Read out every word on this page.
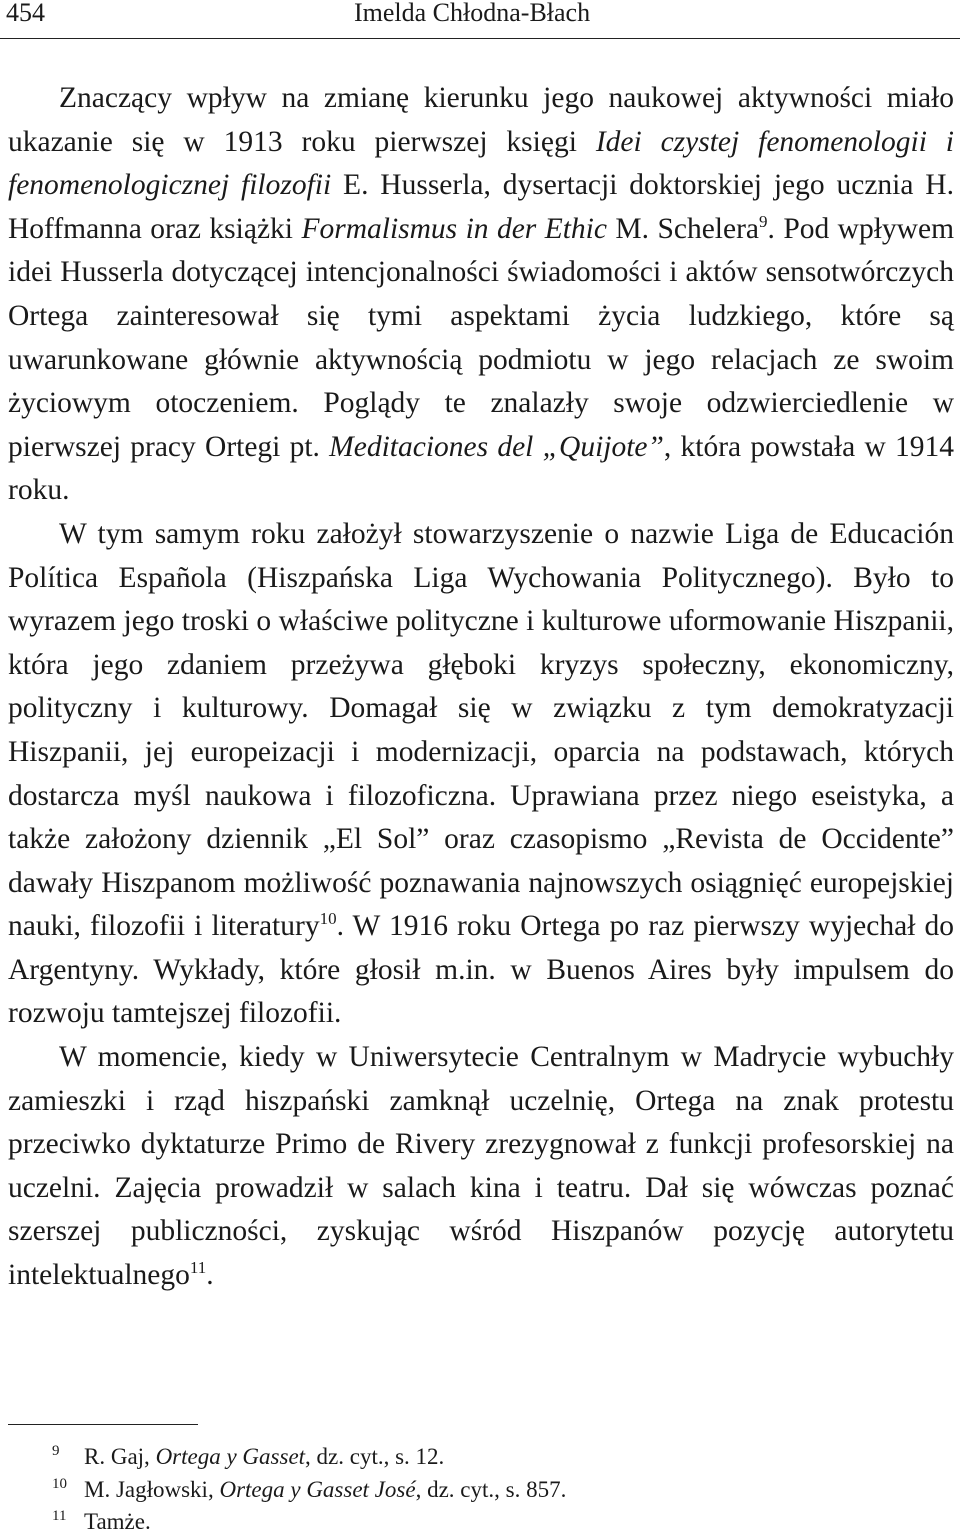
454	Imelda Chłodna-Błach

Znaczący wpływ na zmianę kierunku jego naukowej aktywności miało ukazanie się w 1913 roku pierwszej księgi Idei czystej fenomenologii i fenomenologicznej filozofii E. Husserla, dysertacji doktorskiej jego ucznia H. Hoffmanna oraz książki Formalismus in der Ethic M. Schelera$^9$. Pod wpływem idei Husserla dotyczącej intencjonalności świadomości i aktów sensotwórczych Ortega zainteresował się tymi aspektami życia ludzkiego, które są uwarunkowane głównie aktywnością podmiotu w jego relacjach ze swoim życiowym otoczeniem. Poglądy te znalazły swoje odzwierciedlenie w pierwszej pracy Ortegi pt. Meditaciones del „Quijote”, która powstała w 1914 roku.

W tym samym roku założył stowarzyszenie o nazwie Liga de Educación Política Española (Hiszpańska Liga Wychowania Politycznego). Było to wyrazem jego troski o właściwe polityczne i kulturowe uformowanie Hiszpanii, która jego zdaniem przeżywa głęboki kryzys społeczny, ekonomiczny, polityczny i kulturowy. Domagał się w związku z tym demokratyzacji Hiszpanii, jej europeizacji i modernizacji, oparcia na podstawach, których dostarcza myśl naukowa i filozoficzna. Uprawiana przez niego eseistyka, a także założony dziennik „El Sol” oraz czasopismo „Revista de Occidente” dawały Hiszpanom możliwość poznawania najnowszych osiągnięć europejskiej nauki, filozofii i literatury$^{10}$. W 1916 roku Ortega po raz pierwszy wyjechał do Argentyny. Wykłady, które głosił m.in. w Buenos Aires były impulsem do rozwoju tamtejszej filozofii.

W momencie, kiedy w Uniwersytecie Centralnym w Madrycie wybuchły zamieszki i rząd hiszpański zamknął uczelnię, Ortega na znak protestu przeciwko dyktaturze Primo de Rivery zrezygnował z funkcji profesorskiej na uczelni. Zajęcia prowadził w salach kina i teatru. Dał się wówczas poznać szerszej publiczności, zyskując wśród Hiszpanów pozycję autorytetu intelektualnego$^{11}$.

9 R. Gaj, Ortega y Gasset, dz. cyt., s. 12.
10 M. Jagłowski, Ortega y Gasset José, dz. cyt., s. 857.
11 Tamże.
